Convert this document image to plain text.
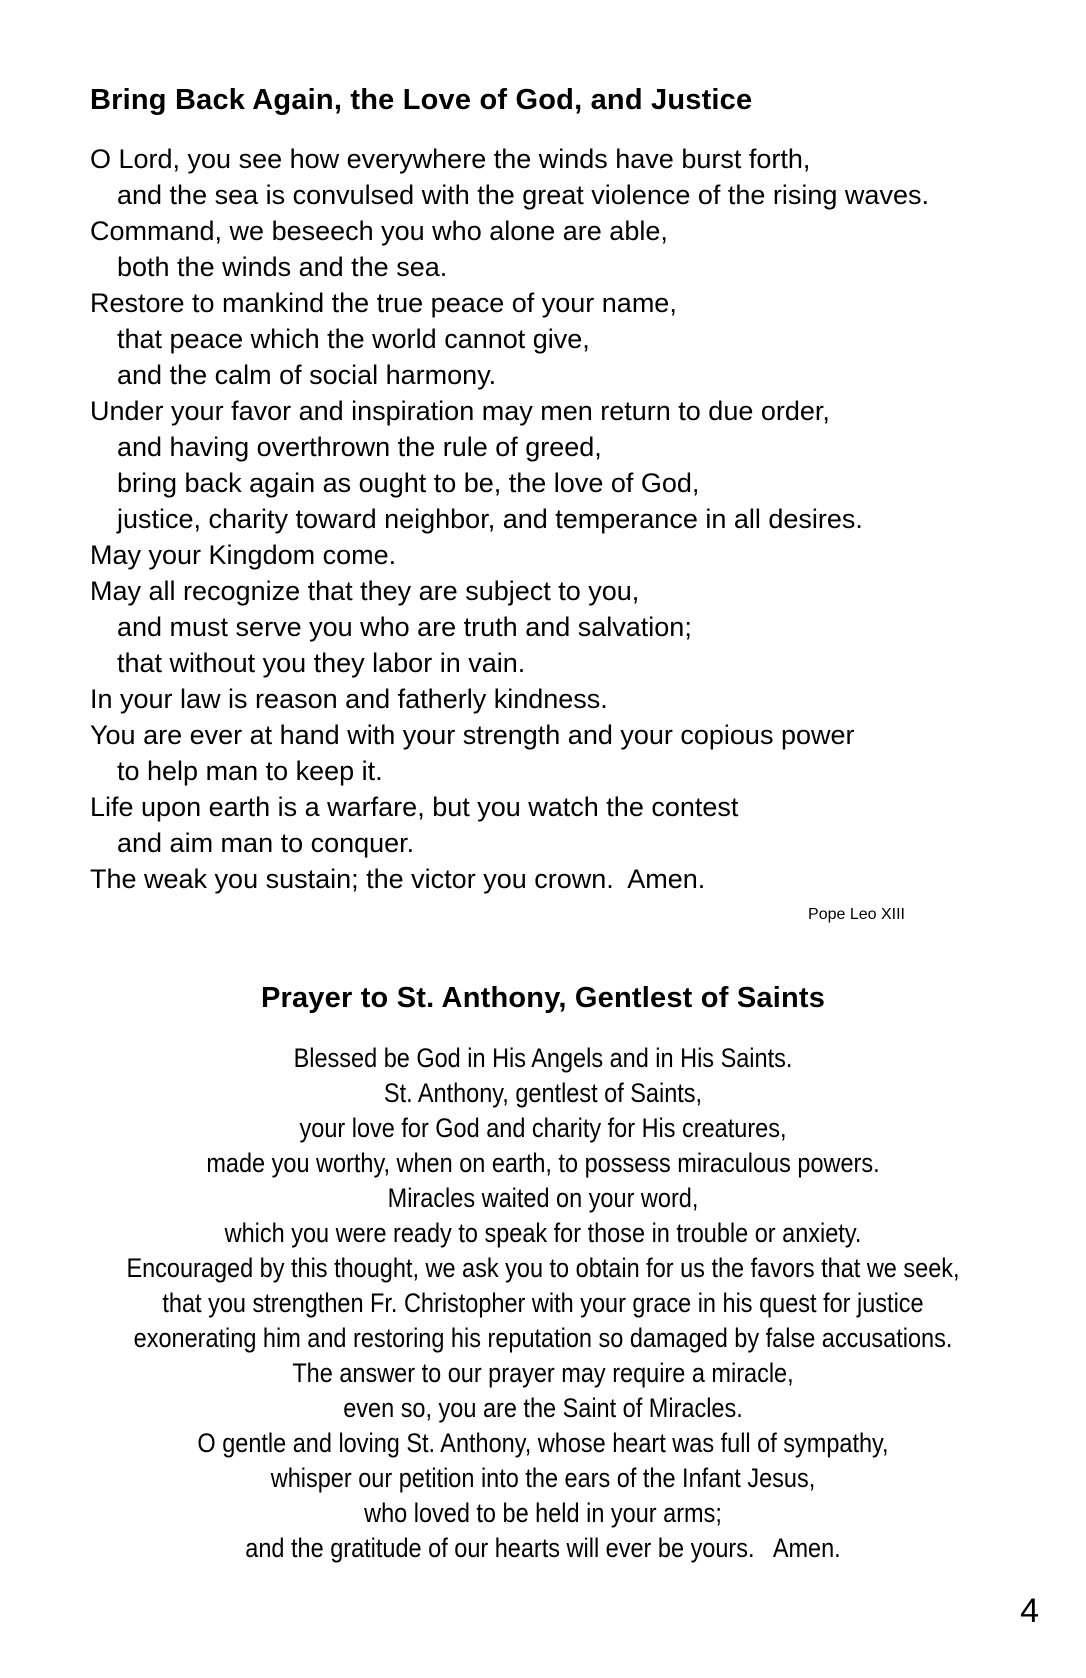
Bring Back Again, the Love of God, and Justice
O Lord, you see how everywhere the winds have burst forth,
and the sea is convulsed with the great violence of the rising waves.
Command, we beseech you who alone are able,
both the winds and the sea.
Restore to mankind the true peace of your name,
that peace which the world cannot give,
and the calm of social harmony.
Under your favor and inspiration may men return to due order,
and having overthrown the rule of greed,
bring back again as ought to be, the love of God,
justice, charity toward neighbor, and temperance in all desires.
May your Kingdom come.
May all recognize that they are subject to you,
and must serve you who are truth and salvation;
that without you they labor in vain.
In your law is reason and fatherly kindness.
You are ever at hand with your strength and your copious power
to help man to keep it.
Life upon earth is a warfare, but you watch the contest
and aim man to conquer.
The weak you sustain; the victor you crown.  Amen.
Pope Leo XIII
Prayer to St. Anthony, Gentlest of Saints
Blessed be God in His Angels and in His Saints.
St. Anthony, gentlest of Saints,
your love for God and charity for His creatures,
made you worthy, when on earth, to possess miraculous powers.
Miracles waited on your word,
which you were ready to speak for those in trouble or anxiety.
Encouraged by this thought, we ask you to obtain for us the favors that we seek,
that you strengthen Fr. Christopher with your grace in his quest for justice
exonerating him and restoring his reputation so damaged by false accusations.
The answer to our prayer may require a miracle,
even so, you are the Saint of Miracles.
O gentle and loving St. Anthony, whose heart was full of sympathy,
whisper our petition into the ears of the Infant Jesus,
who loved to be held in your arms;
and the gratitude of our hearts will ever be yours.   Amen.
4
